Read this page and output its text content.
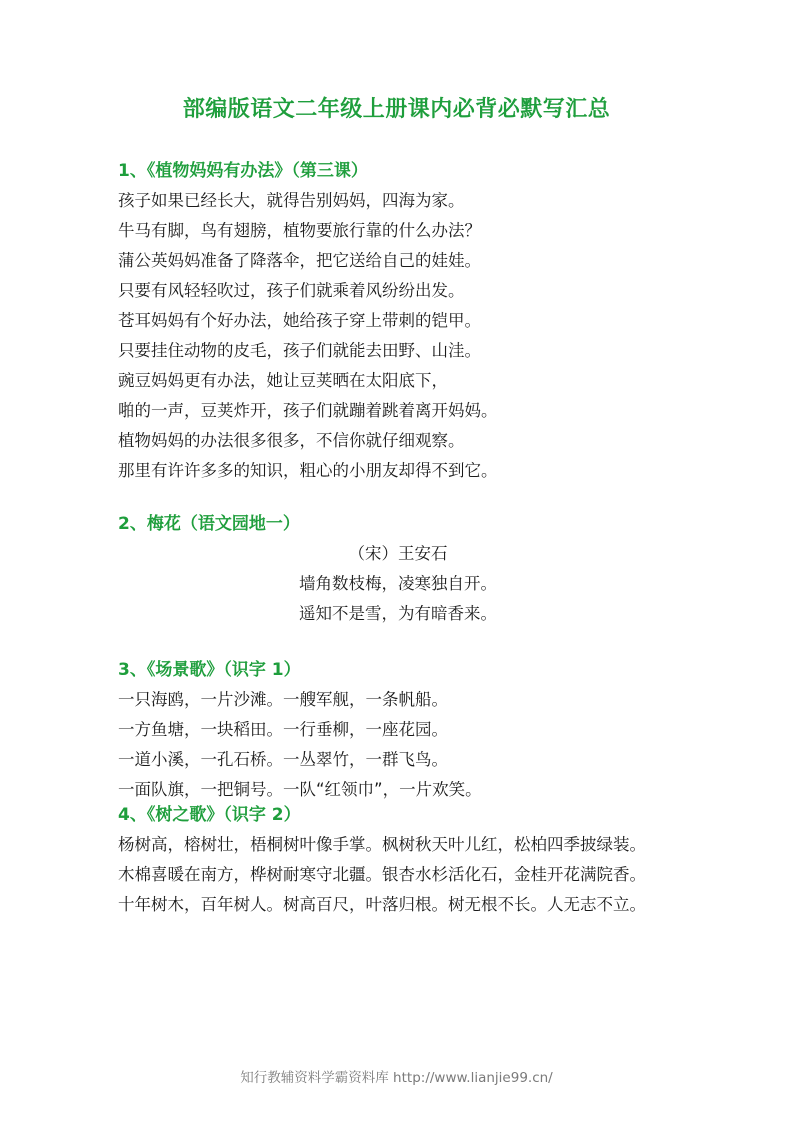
部编版语文二年级上册课内必背必默写汇总
1、《植物妈妈有办法》（第三课）
孩子如果已经长大，就得告别妈妈，四海为家。
牛马有脚，鸟有翅膀，植物要旅行靠的什么办法？
蒲公英妈妈准备了降落伞，把它送给自己的娃娃。
只要有风轻轻吹过，孩子们就乘着风纷纷出发。
苍耳妈妈有个好办法，她给孩子穿上带刺的铠甲。
只要挂住动物的皮毛，孩子们就能去田野、山洼。
豌豆妈妈更有办法，她让豆荚晒在太阳底下，
啪的一声，豆荚炸开，孩子们就蹦着跳着离开妈妈。
植物妈妈的办法很多很多，不信你就仔细观察。
那里有许许多多的知识，粗心的小朋友却得不到它。
2、梅花（语文园地一）
（宋）王安石
墙角数枝梅，凌寒独自开。
遥知不是雪，为有暗香来。
3、《场景歌》（识字 1）
一只海鸥，一片沙滩。一艘军舰，一条帆船。
一方鱼塘，一块稻田。一行垂柳，一座花园。
一道小溪，一孔石桥。一丛翠竹，一群飞鸟。
一面队旗，一把铜号。一队“红领巾”，一片欢笑。
4、《树之歌》（识字 2）
杨树高，榕树壮，梧桐树叶像手掌。枫树秋天叶儿红，松柏四季披绿装。
木棉喜暖在南方，桦树耐寒守北疆。银杏水杉活化石，金桂开花满院香。
十年树木，百年树人。树高百尺，叶落归根。树无根不长。人无志不立。
知行教辅资料学霸资料库 http://www.lianjie99.cn/
